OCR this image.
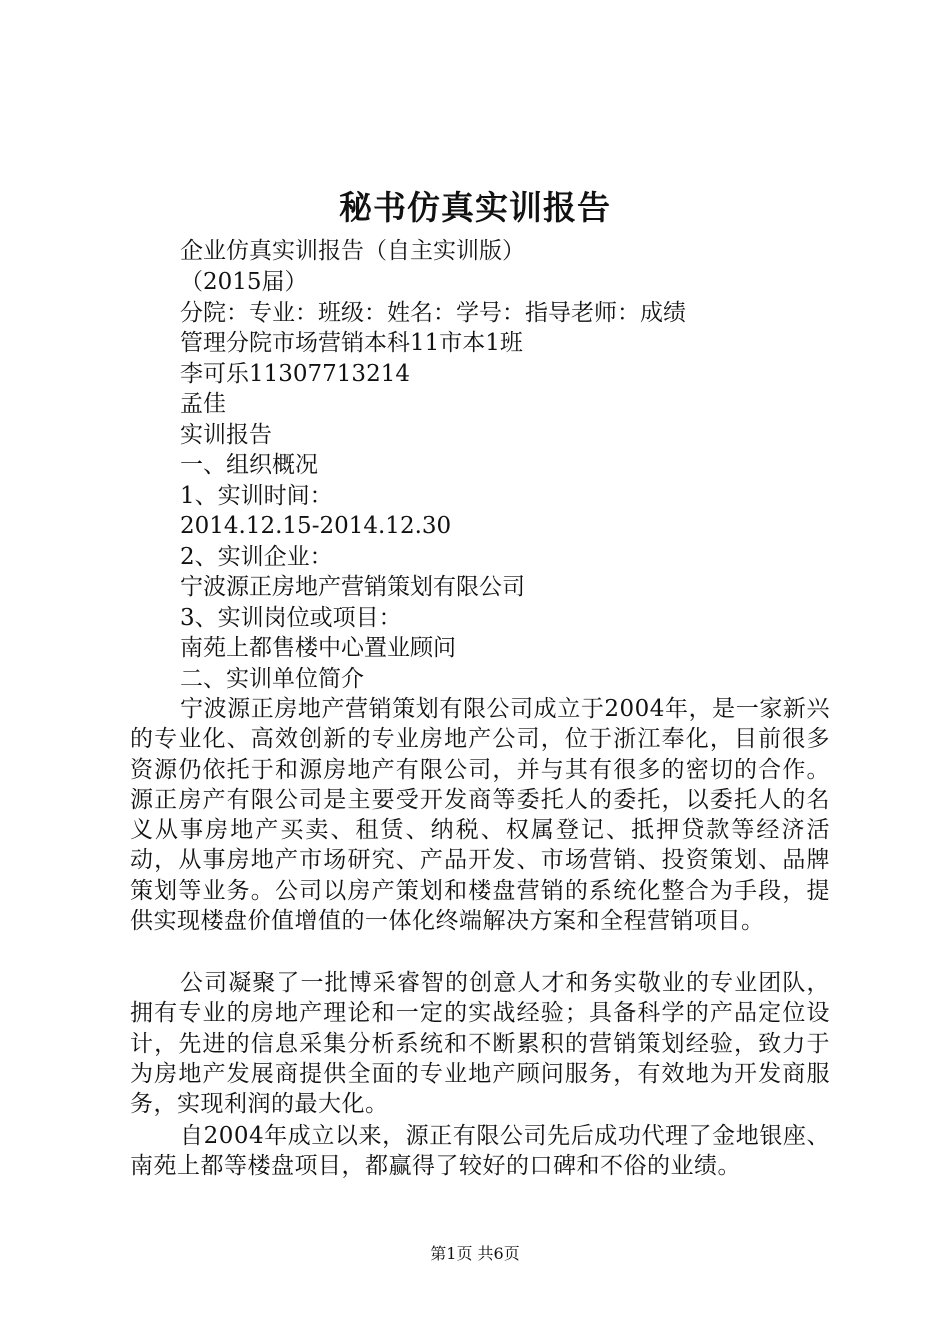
秘书仿真实训报告

企业仿真实训报告（自主实训版）

（2015届）

分院：专业：班级：姓名：学号：指导老师：成绩

管理分院市场营销本科11市本1班

李可乐11307713214

孟佳

实训报告

一、组织概况

1、实训时间：

2014.12.15-2014.12.30

2、实训企业：

宁波源正房地产营销策划有限公司

3、实训岗位或项目：

南苑上都售楼中心置业顾问

二、实训单位简介

宁波源正房地产营销策划有限公司成立于2004年，是一家新兴的专业化、高效创新的专业房地产公司，位于浙江奉化，目前很多资源仍依托于和源房地产有限公司，并与其有很多的密切的合作。源正房产有限公司是主要受开发商等委托人的委托，以委托人的名义从事房地产买卖、租赁、纳税、权属登记、抵押贷款等经济活动，从事房地产市场研究、产品开发、市场营销、投资策划、品牌策划等业务。公司以房产策划和楼盘营销的系统化整合为手段，提供实现楼盘价值增值的一体化终端解决方案和全程营销项目。

公司凝聚了一批博采睿智的创意人才和务实敬业的专业团队，拥有专业的房地产理论和一定的实战经验；具备科学的产品定位设计，先进的信息采集分析系统和不断累积的营销策划经验，致力于为房地产发展商提供全面的专业地产顾问服务，有效地为开发商服务，实现利润的最大化。

自2004年成立以来，源正有限公司先后成功代理了金地银座、南苑上都等楼盘项目，都赢得了较好的口碑和不俗的业绩。

第1页 共6页
